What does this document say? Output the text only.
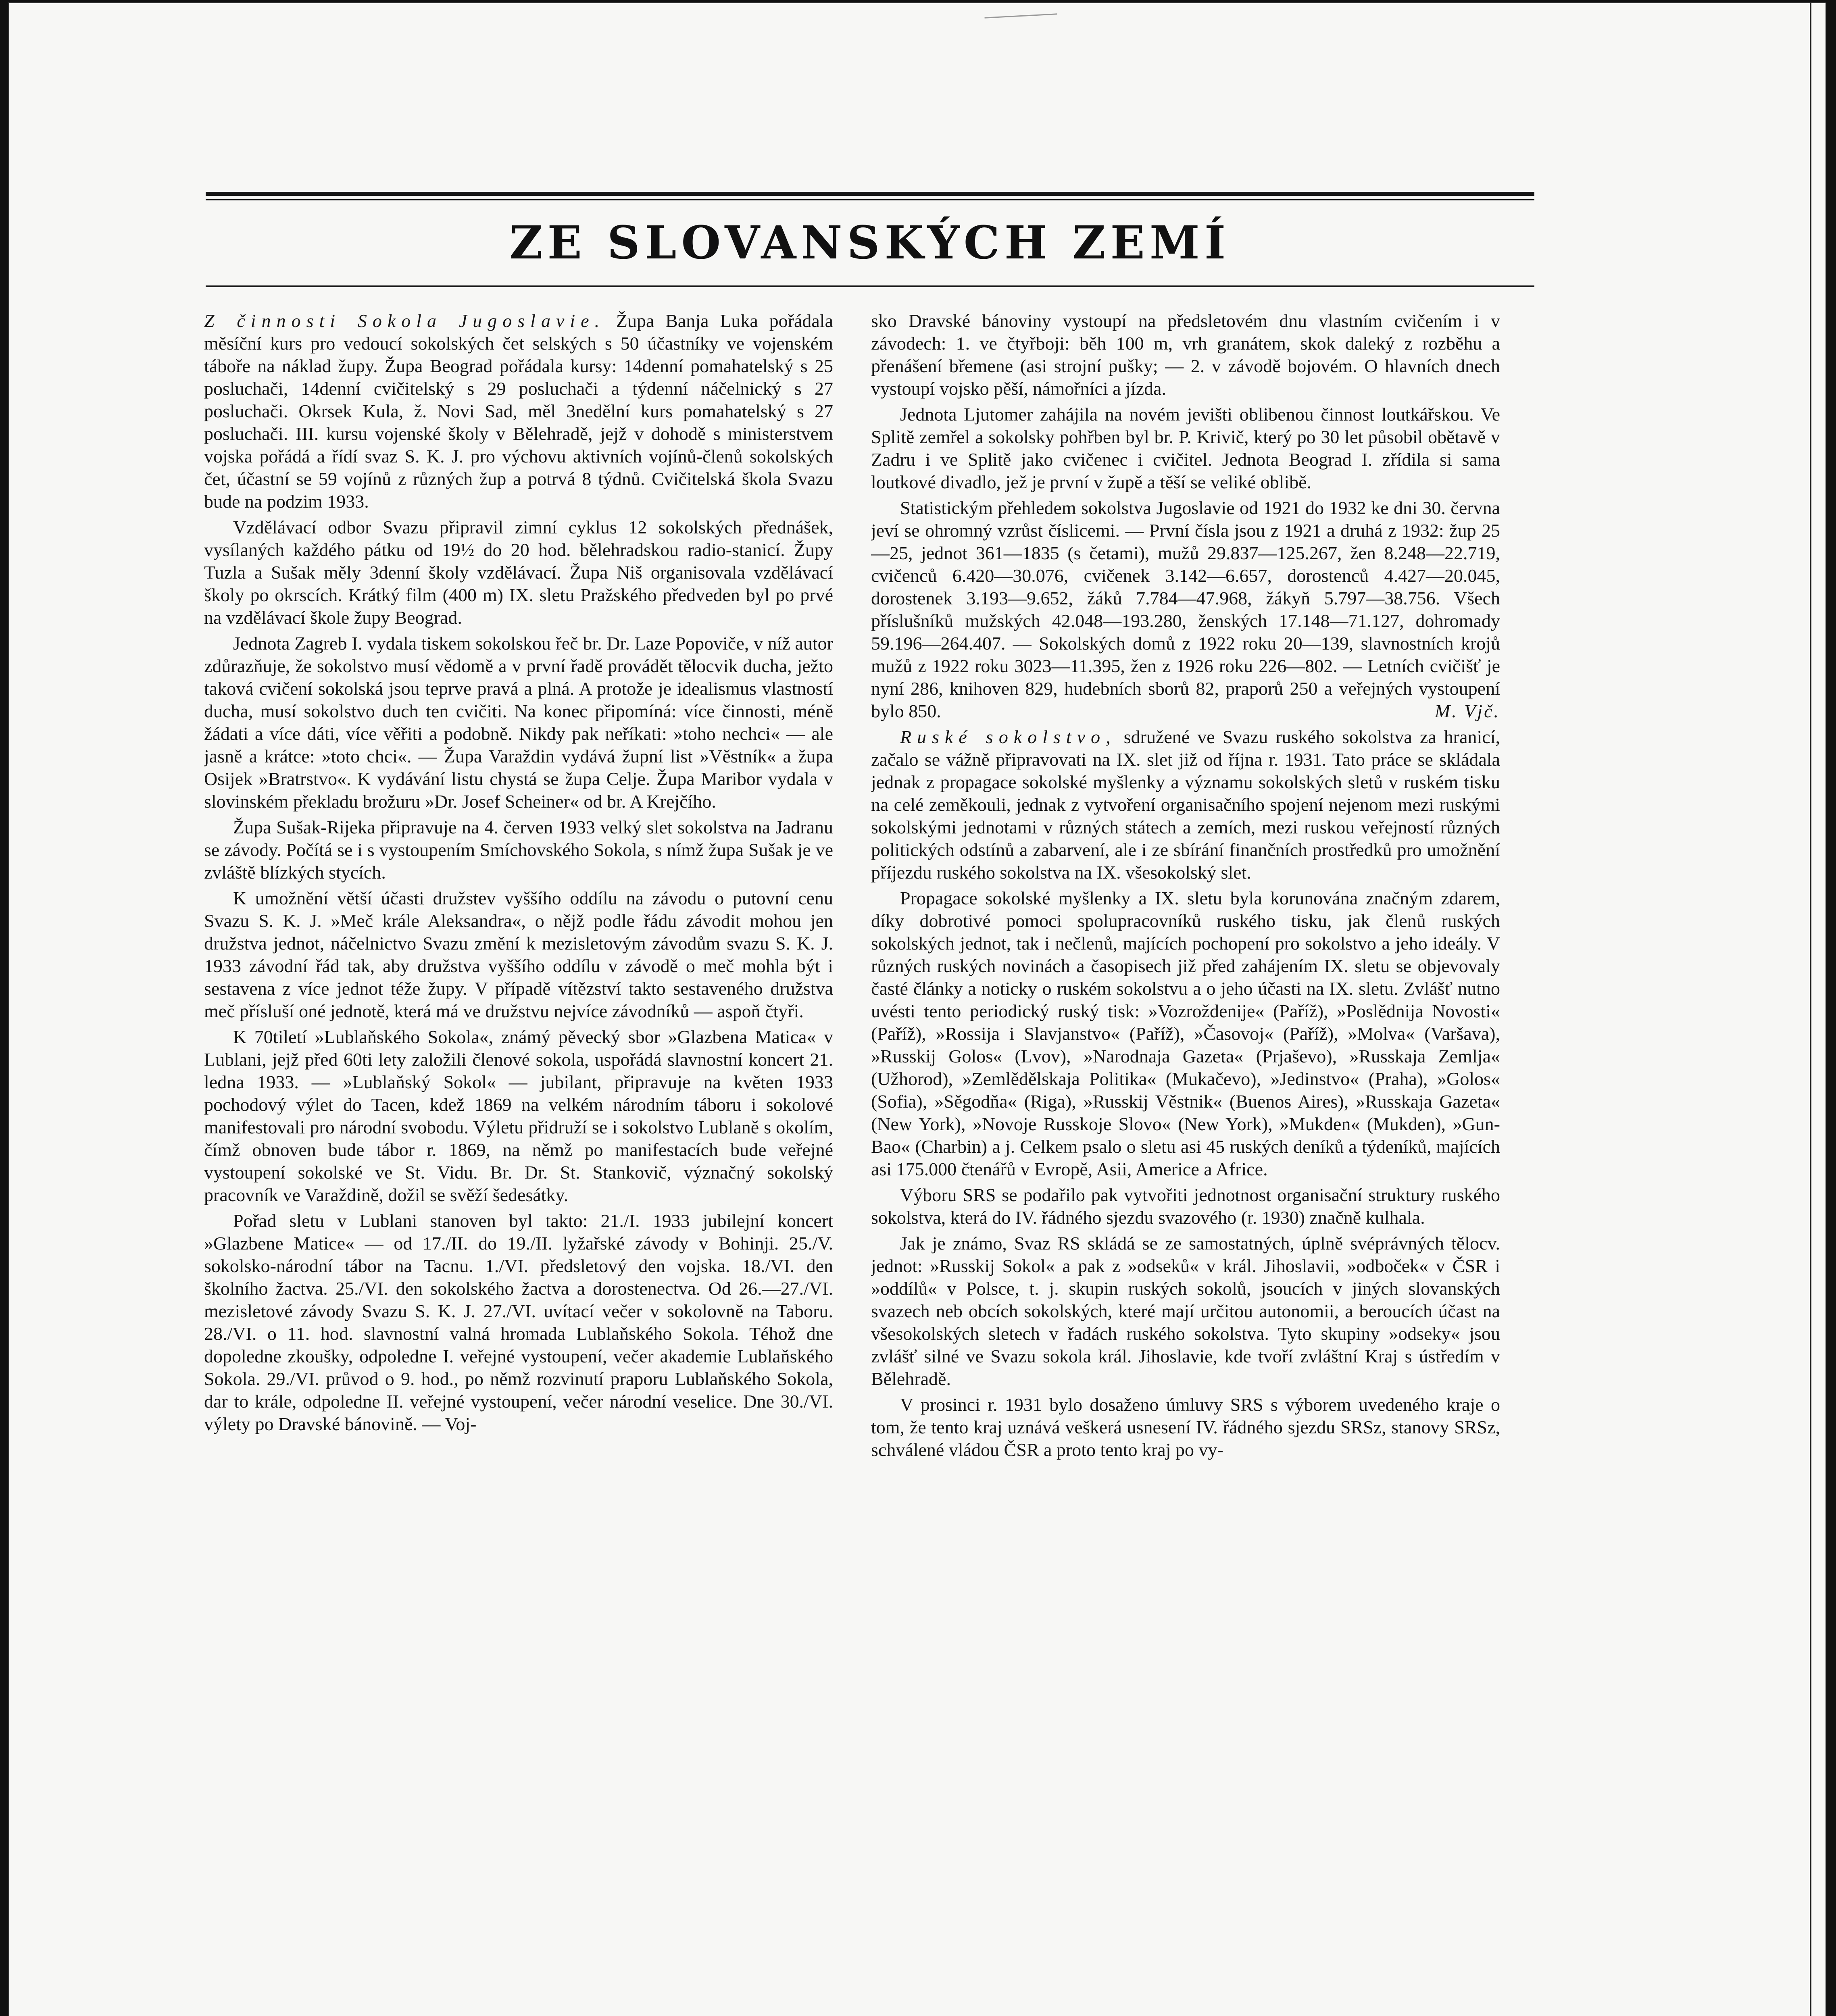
ZE SLOVANSKÝCH ZEMÍ

Z činnosti Sokola Jugoslavie. Župa Banja Luka pořádala měsíční kurs pro vedoucí sokolských čet selských s 50 účastníky ve vojenském táboře na náklad župy. Župa Beograd pořádala kursy: 14denní pomahatelský s 25 posluchači, 14denní cvičitelský s 29 posluchači a týdenní náčelnický s 27 posluchači. Okrsek Kula, ž. Novi Sad, měl 3nedělní kurs pomahatelský s 27 posluchači. III. kursu vojenské školy v Bělehradě, jejž v dohodě s ministerstvem vojska pořádá a řídí svaz S. K. J. pro výchovu aktivních vojínů-členů sokolských čet, účastní se 59 vojínů z různých žup a potrvá 8 týdnů. Cvičitelská škola Svazu bude na podzim 1933.

Vzdělávací odbor Svazu připravil zimní cyklus 12 sokolských přednášek, vysílaných každého pátku od 19½ do 20 hod. bělehradskou radio-stanicí. Župy Tuzla a Sušak měly 3denní školy vzdělávací. Župa Niš organisovala vzdělávací školy po okrscích. Krátký film (400 m) IX. sletu Pražského předveden byl po prvé na vzdělávací škole župy Beograd.

Jednota Zagreb I. vydala tiskem sokolskou řeč br. Dr. Laze Popoviče, v níž autor zdůrazňuje, že sokolstvo musí vědomě a v první řadě provádět tělocvik ducha, ježto taková cvičení sokolská jsou teprve pravá a plná. A protože je idealismus vlastností ducha, musí sokolstvo duch ten cvičiti. Na konec připomíná: více činnosti, méně žádati a více dáti, více věřiti a podobně. Nikdy pak neříkati: »toho nechci« — ale jasně a krátce: »toto chci«. — Župa Varaždin vydává župní list »Věstník« a župa Osijek »Bratrstvo«. K vydávání listu chystá se župa Celje. Župa Maribor vydala v slovinském překladu brožuru »Dr. Josef Scheiner« od br. A Krejčího.

Župa Sušak-Rijeka připravuje na 4. červen 1933 velký slet sokolstva na Jadranu se závody. Počítá se i s vystoupením Smíchovského Sokola, s nímž župa Sušak je ve zvláště blízkých stycích.

K umožnění větší účasti družstev vyššího oddílu na závodu o putovní cenu Svazu S. K. J. »Meč krále Aleksandra«, o nějž podle řádu závodit mohou jen družstva jednot, náčelnictvo Svazu změní k mezisletovým závodům svazu S. K. J. 1933 závodní řád tak, aby družstva vyššího oddílu v závodě o meč mohla být i sestavena z více jednot téže župy. V případě vítězství takto sestaveného družstva meč přísluší oné jednotě, která má ve družstvu nejvíce závodníků — aspoň čtyři.

K 70tiletí »Lublaňského Sokola«, známý pěvecký sbor »Glazbena Matica« v Lublani, jejž před 60ti lety založili členové sokola, uspořádá slavnostní koncert 21. ledna 1933. — »Lublaňský Sokol« — jubilant, připravuje na květen 1933 pochodový výlet do Tacen, kdež 1869 na velkém národním táboru i sokolové manifestovali pro národní svobodu. Výletu přidruží se i sokolstvo Lublaně s okolím, čímž obnoven bude tábor r. 1869, na němž po manifestacích bude veřejné vystoupení sokolské ve St. Vidu. Br. Dr. St. Stankovič, význačný sokolský pracovník ve Varaždině, dožil se svěží šedesátky.

Pořad sletu v Lublani stanoven byl takto: 21./I. 1933 jubilejní koncert »Glazbene Matice« — od 17./II. do 19./II. lyžařské závody v Bohinji. 25./V. sokolsko-národní tábor na Tacnu. 1./VI. předsletový den vojska. 18./VI. den školního žactva. 25./VI. den sokolského žactva a dorostenectva. Od 26.—27./VI. mezisletové závody Svazu S. K. J. 27./VI. uvítací večer v sokolovně na Taboru. 28./VI. o 11. hod. slavnostní valná hromada Lublaňského Sokola. Téhož dne dopoledne zkoušky, odpoledne I. veřejné vystoupení, večer akademie Lublaňského Sokola. 29./VI. průvod o 9. hod., po němž rozvinutí praporu Lublaňského Sokola, dar to krále, odpoledne II. veřejné vystoupení, večer národní veselice. Dne 30./VI. výlety po Dravské bánovině. — Voj-

sko Dravské bánoviny vystoupí na předsletovém dnu vlastním cvičením i v závodech: 1. ve čtyřboji: běh 100 m, vrh granátem, skok daleký z rozběhu a přenášení břemene (asi strojní pušky; — 2. v závodě bojovém. O hlavních dnech vystoupí vojsko pěší, námořníci a jízda.

Jednota Ljutomer zahájila na novém jevišti oblibenou činnost loutkářskou. Ve Splitě zemřel a sokolsky pohřben byl br. P. Krivič, který po 30 let působil obětavě v Zadru i ve Splitě jako cvičenec i cvičitel. Jednota Beograd I. zřídila si sama loutkové divadlo, jež je první v župě a těší se veliké oblibě.

Statistickým přehledem sokolstva Jugoslavie od 1921 do 1932 ke dni 30. června jeví se ohromný vzrůst číslicemi. — První čísla jsou z 1921 a druhá z 1932: žup 25—25, jednot 361—1835 (s četami), mužů 29.837—125.267, žen 8.248—22.719, cvičenců 6.420—30.076, cvičenek 3.142—6.657, dorostenců 4.427—20.045, dorostenek 3.193—9.652, žáků 7.784—47.968, žákyň 5.797—38.756. Všech příslušníků mužských 42.048—193.280, ženských 17.148—71.127, dohromady 59.196—264.407. — Sokolských domů z 1922 roku 20—139, slavnostních krojů mužů z 1922 roku 3023—11.395, žen z 1926 roku 226—802. — Letních cvičišť je nyní 286, knihoven 829, hudebních sborů 82, praporů 250 a veřejných vystoupení bylo 850.	M. Vjč.

Ruské sokolstvo, sdružené ve Svazu ruského sokolstva za hranicí, začalo se vážně připravovati na IX. slet již od října r. 1931. Tato práce se skládala jednak z propagace sokolské myšlenky a významu sokolských sletů v ruském tisku na celé zeměkouli, jednak z vytvoření organisačního spojení nejenom mezi ruskými sokolskými jednotami v různých státech a zemích, mezi ruskou veřejností různých politických odstínů a zabarvení, ale i ze sbírání finančních prostředků pro umožnění příjezdu ruského sokolstva na IX. všesokolský slet.

Propagace sokolské myšlenky a IX. sletu byla korunována značným zdarem, díky dobrotivé pomoci spolupracovníků ruského tisku, jak členů ruských sokolských jednot, tak i nečlenů, majících pochopení pro sokolstvo a jeho ideály. V různých ruských novinách a časopisech již před zahájením IX. sletu se objevovaly časté články a noticky o ruském sokolstvu a o jeho účasti na IX. sletu. Zvlášť nutno uvésti tento periodický ruský tisk: »Vozroždenije« (Paříž), »Poslědnija Novosti« (Paříž), »Rossija i Slavjanstvo« (Paříž), »Časovoj« (Paříž), »Molva« (Varšava), »Russkij Golos« (Lvov), »Narodnaja Gazeta« (Prjaševo), »Russkaja Zemlja« (Užhorod), »Zemlědělskaja Politika« (Mukačevo), »Jedinstvo« (Praha), »Golos« (Sofia), »Sěgodňa« (Riga), »Russkij Věstnik« (Buenos Aires), »Russkaja Gazeta« (New York), »Novoje Russkoje Slovo« (New York), »Mukden« (Mukden), »Gun-Bao« (Charbin) a j. Celkem psalo o sletu asi 45 ruských deníků a týdeníků, majících asi 175.000 čtenářů v Evropě, Asii, Americe a Africe.

Výboru SRS se podařilo pak vytvořiti jednotnost organisační struktury ruského sokolstva, která do IV. řádného sjezdu svazového (r. 1930) značně kulhala.

Jak je známo, Svaz RS skládá se ze samostatných, úplně svéprávných tělocv. jednot: »Russkij Sokol« a pak z »odseků« v král. Jihoslavii, »odboček« v ČSR i »oddílů« v Polsce, t. j. skupin ruských sokolů, jsoucích v jiných slovanských svazech neb obcích sokolských, které mají určitou autonomii, a beroucích účast na všesokolských sletech v řadách ruského sokolstva. Tyto skupiny »odseky« jsou zvlášť silné ve Svazu sokola král. Jihoslavie, kde tvoří zvláštní Kraj s ústředím v Bělehradě.

V prosinci r. 1931 bylo dosaženo úmluvy SRS s výborem uvedeného kraje o tom, že tento kraj uznává veškerá usnesení IV. řádného sjezdu SRSz, stanovy SRSz, schválené vládou ČSR a proto tento kraj po vy-
